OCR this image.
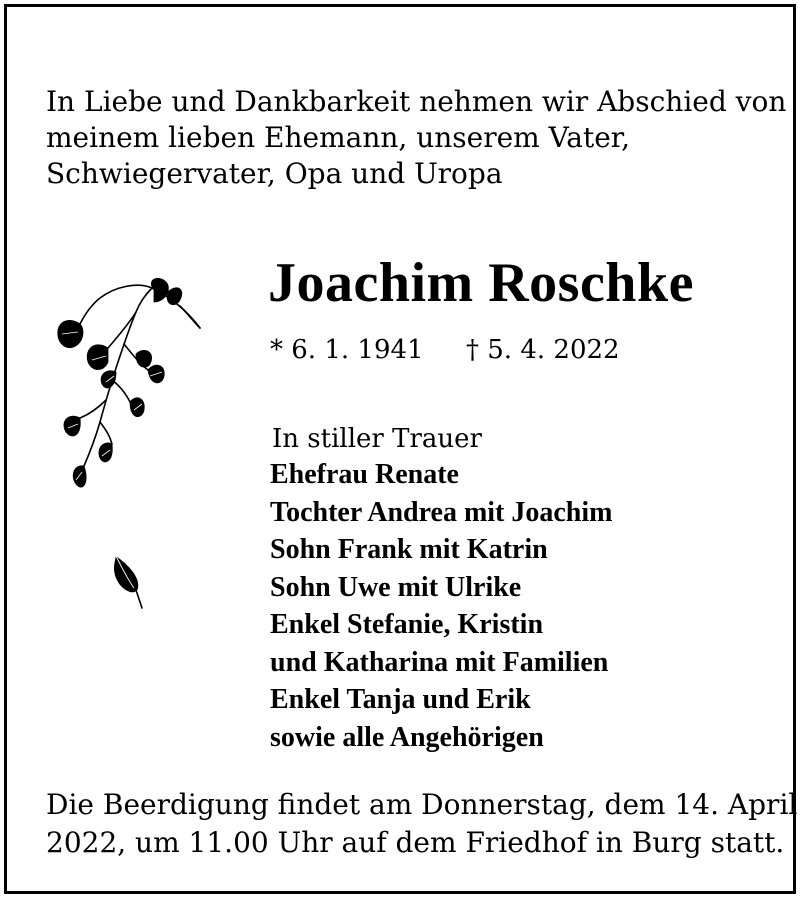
In Liebe und Dankbarkeit nehmen wir Abschied von
meinem lieben Ehemann, unserem Vater,
Schwiegervater, Opa und Uropa

Joachim Roschke
* 6. 1. 1941 † 5. 4. 2022
In stiller Trauer
Ehefrau Renate
Tochter Andrea mit Joachim
Sohn Frank mit Katrin
Sohn Uwe mit Ulrike
Enkel Stefanie, Kristin
und Katharina mit Familien
Enkel Tanja und Erik
sowie alle Angehörigen
Die Beerdigung findet am Donnerstag, dem 14. April
2022, um 11.00 Uhr auf dem Friedhof in Burg statt.
